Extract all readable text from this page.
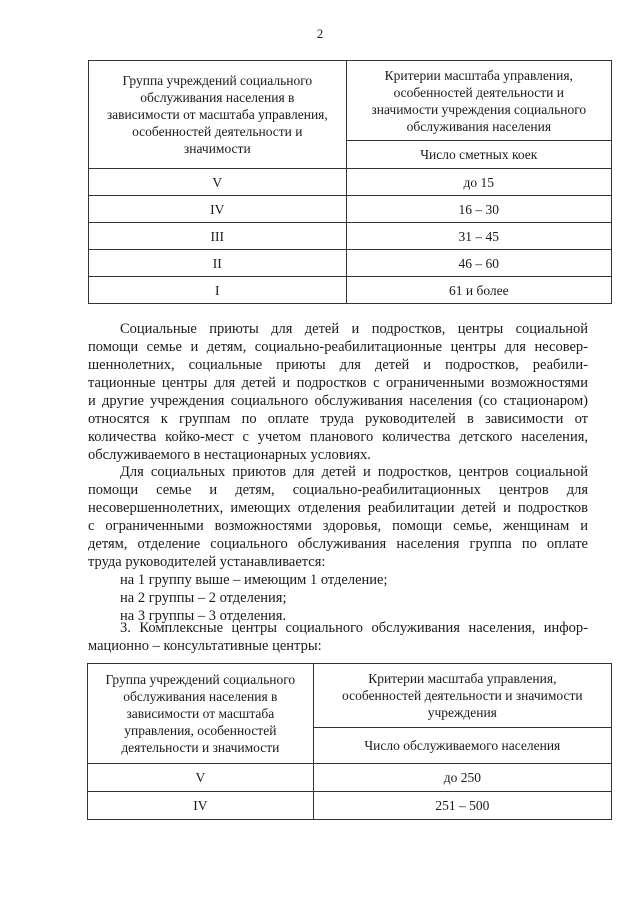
2
Группа учреждений социального
обслуживания населения в
зависимости от масштаба управления,
особенностей деятельности и
значимости	Критерии масштаба управления,
особенностей деятельности и
значимости учреждения социального
обслуживания населения

	Число сметных коек
V	до 15
IV	16 – 30
III	31 – 45
II	46 – 60
I	61 и более
Социальные приюты для детей и подростков, центры социальной
помощи семье и детям, социально-реабилитационные центры для несовер-
шеннолетних, социальные приюты для детей и подростков, реабили-
тационные центры для детей и подростков с ограниченными возможностями
и другие учреждения социального обслуживания населения (со стационаром)
относятся к группам по оплате труда руководителей в зависимости от
количества койко-мест с учетом планового количества детского населения,
обслуживаемого в нестационарных условиях.
Для социальных приютов для детей и подростков, центров социальной
помощи семье и детям, социально-реабилитационных центров для
несовершеннолетних, имеющих отделения реабилитации детей и подростков
с ограниченными возможностями здоровья, помощи семье, женщинам и
детям, отделение социального обслуживания населения группа по оплате
труда руководителей устанавливается:
на 1 группу выше – имеющим 1 отделение;
на 2 группы – 2 отделения;
на 3 группы – 3 отделения.
3. Комплексные центры социального обслуживания населения, инфор-
мационно – консультативные центры:
Группа учреждений социального
обслуживания населения в
зависимости от масштаба
управления, особенностей
деятельности и значимости	Критерии масштаба управления,
особенностей деятельности и значимости
учреждения

	Число обслуживаемого населения
V	до 250
IV	251 – 500
